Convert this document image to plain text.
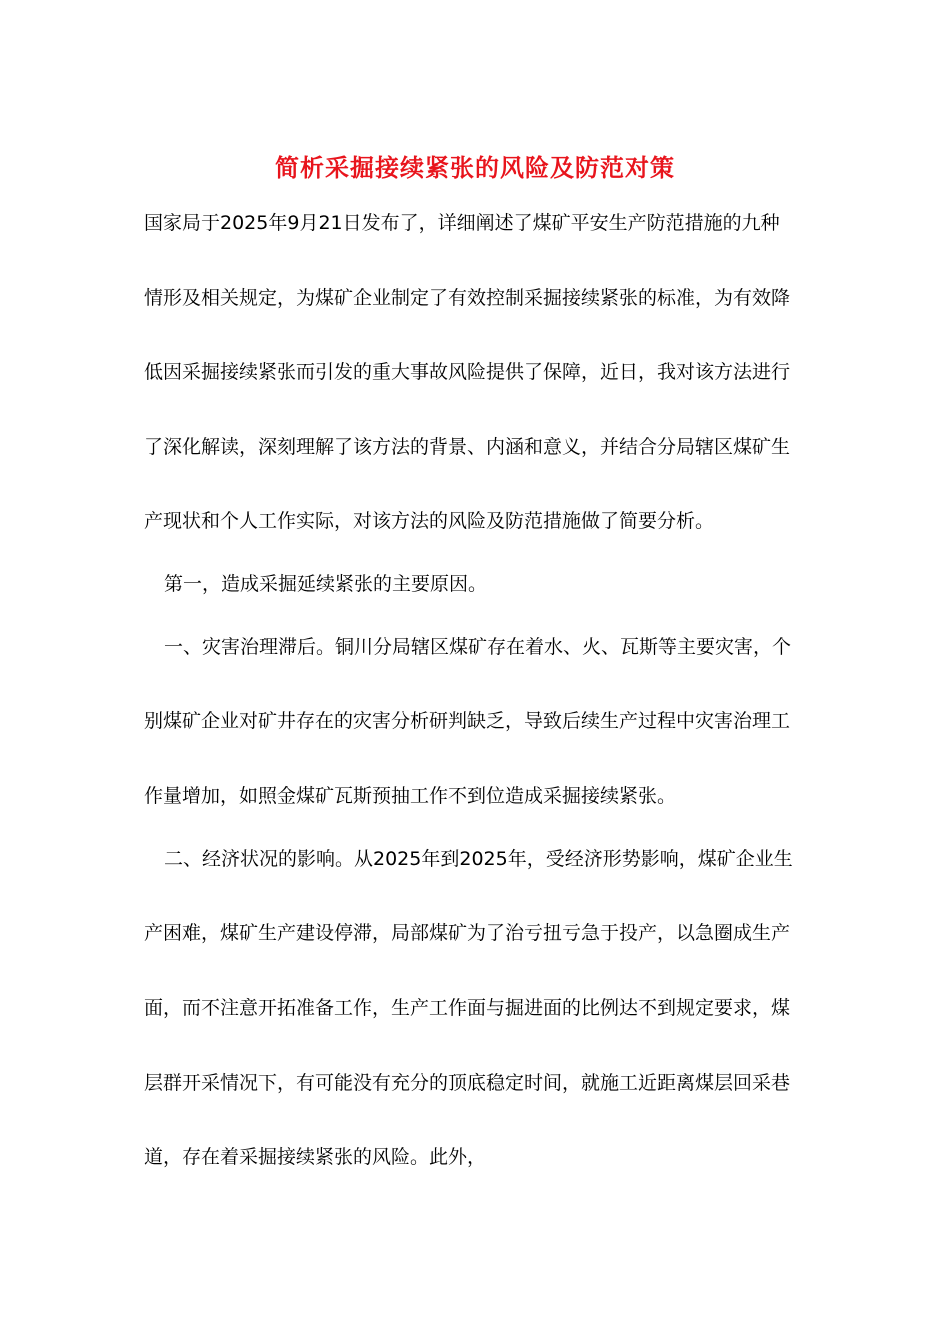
简析采掘接续紧张的风险及防范对策
国家局于2025年9月21日发布了，详细阐述了煤矿平安生产防范措施的九种
情形及相关规定，为煤矿企业制定了有效控制采掘接续紧张的标准，为有效降
低因采掘接续紧张而引发的重大事故风险提供了保障，近日，我对该方法进行
了深化解读，深刻理解了该方法的背景、内涵和意义，并结合分局辖区煤矿生
产现状和个人工作实际，对该方法的风险及防范措施做了简要分析。
第一，造成采掘延续紧张的主要原因。
一、灾害治理滞后。铜川分局辖区煤矿存在着水、火、瓦斯等主要灾害，个
别煤矿企业对矿井存在的灾害分析研判缺乏，导致后续生产过程中灾害治理工
作量增加，如照金煤矿瓦斯预抽工作不到位造成采掘接续紧张。
二、经济状况的影响。从2025年到2025年，受经济形势影响，煤矿企业生
产困难，煤矿生产建设停滞，局部煤矿为了治亏扭亏急于投产，以急圈成生产
面，而不注意开拓准备工作，生产工作面与掘进面的比例达不到规定要求，煤
层群开采情况下，有可能没有充分的顶底稳定时间，就施工近距离煤层回采巷
道，存在着采掘接续紧张的风险。此外，
